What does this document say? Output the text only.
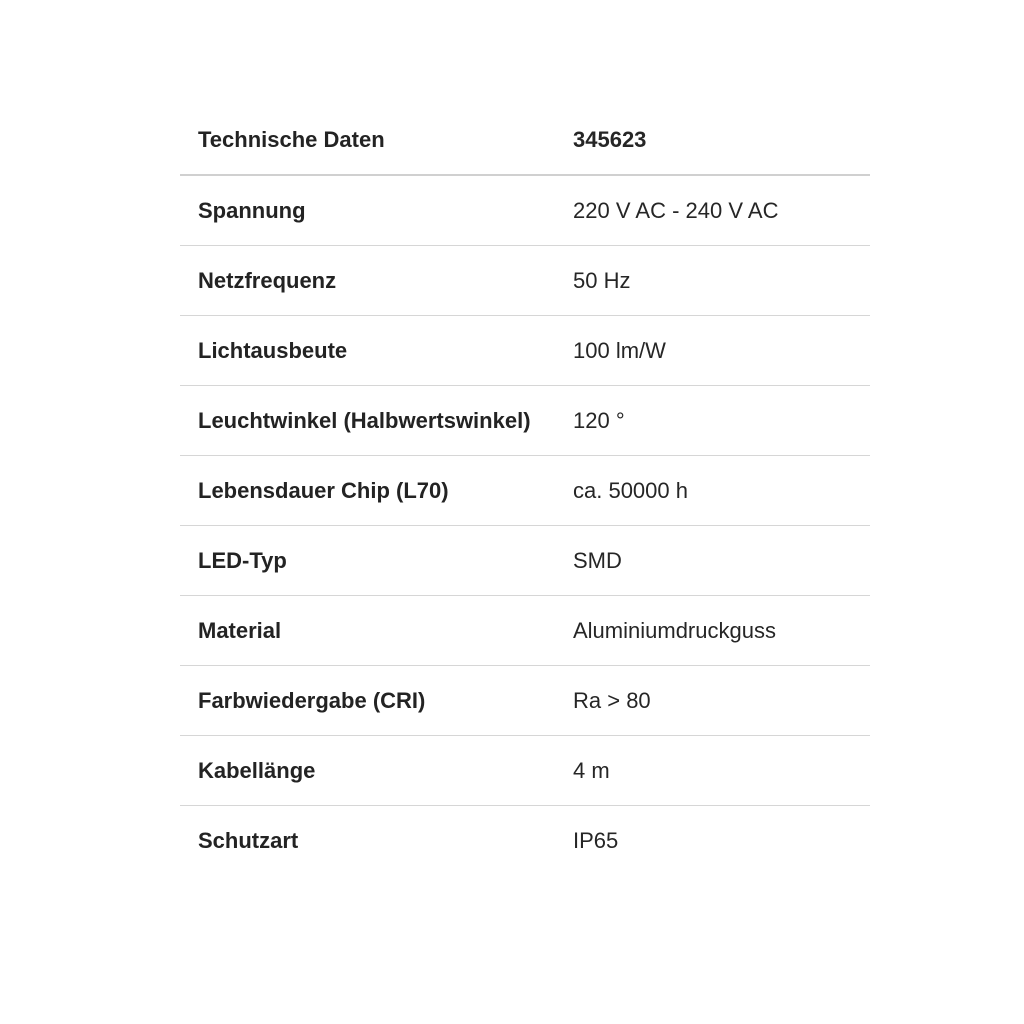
Technische Daten	345623
Spannung	220 V AC - 240 V AC
Netzfrequenz	50 Hz
Lichtausbeute	100 lm/W
Leuchtwinkel (Halbwertswinkel)	120 °
Lebensdauer Chip (L70)	ca. 50000 h
LED-Typ	SMD
Material	Aluminiumdruckguss
Farbwiedergabe (CRI)	Ra > 80
Kabellänge	4 m
Schutzart	IP65
